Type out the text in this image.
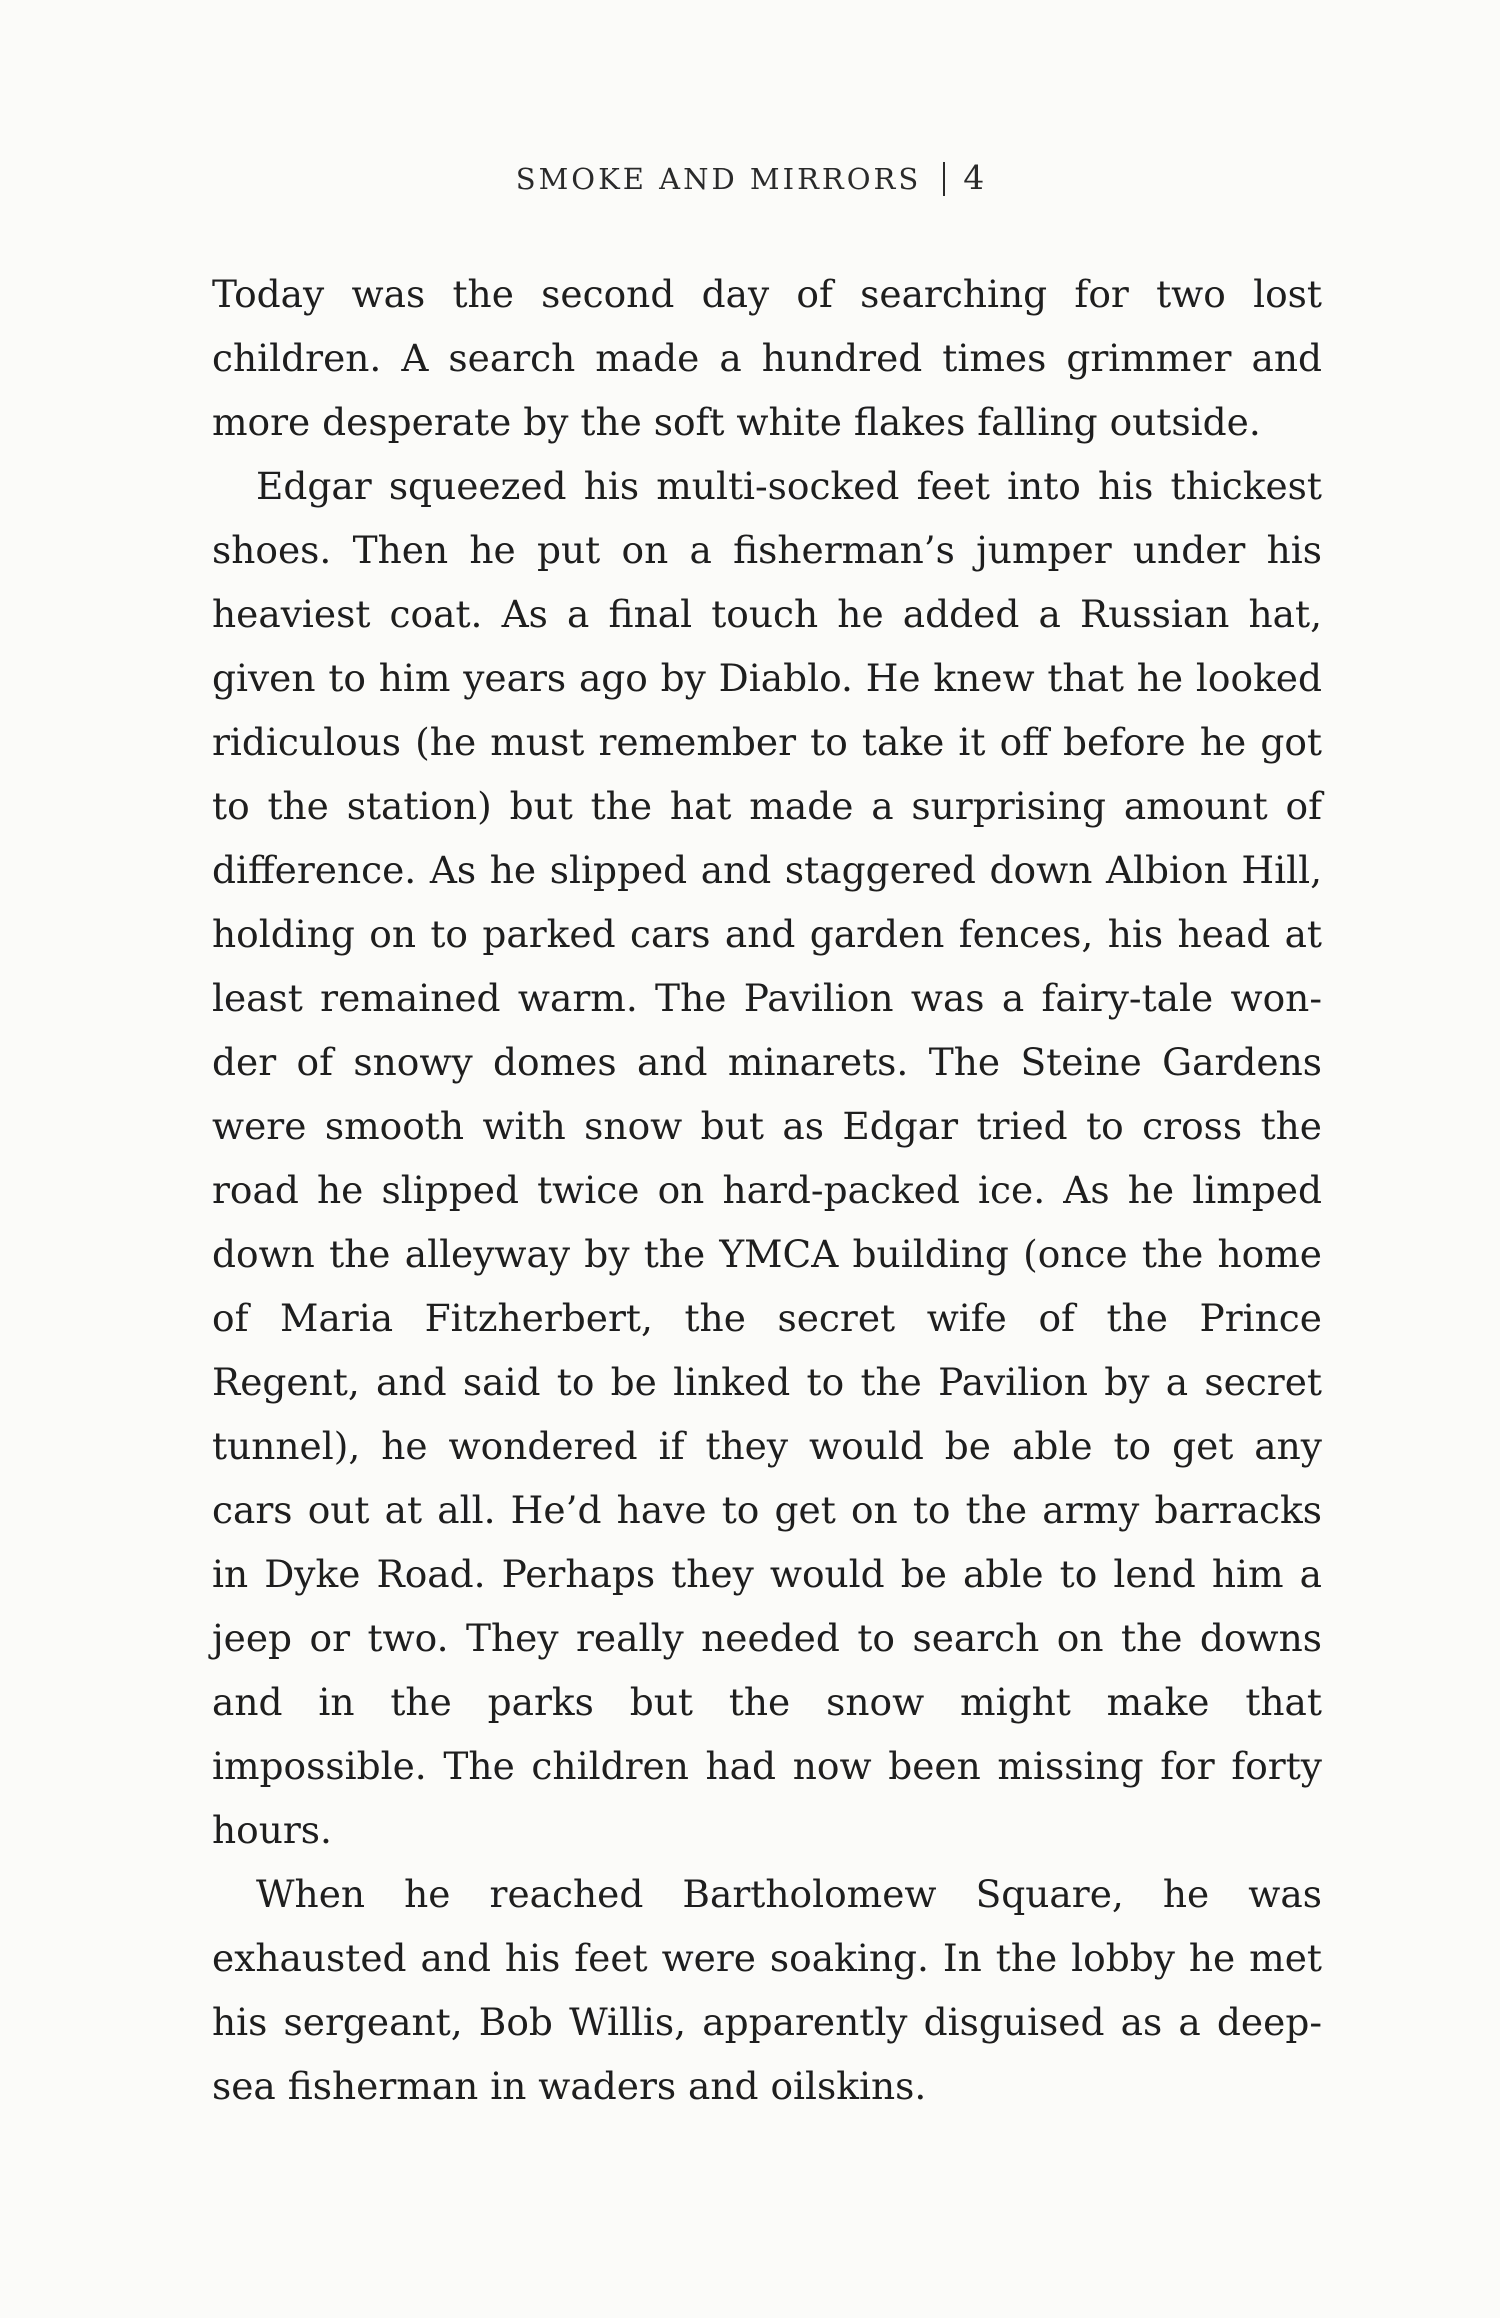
SMOKE AND MIRRORS 4

Today was the second day of searching for two lost children. A search made a hundred times grimmer and more desperate by the soft white flakes falling outside.

Edgar squeezed his multi-socked feet into his thickest shoes. Then he put on a fisherman’s jumper under his heaviest coat. As a final touch he added a Russian hat, given to him years ago by Diablo. He knew that he looked ridiculous (he must remember to take it off before he got to the station) but the hat made a surprising amount of difference. As he slipped and staggered down Albion Hill, holding on to parked cars and garden fences, his head at least remained warm. The Pavilion was a fairy-tale wonder of snowy domes and minarets. The Steine Gardens were smooth with snow but as Edgar tried to cross the road he slipped twice on hard-packed ice. As he limped down the alleyway by the YMCA building (once the home of Maria Fitzherbert, the secret wife of the Prince Regent, and said to be linked to the Pavilion by a secret tunnel), he wondered if they would be able to get any cars out at all. He’d have to get on to the army barracks in Dyke Road. Perhaps they would be able to lend him a jeep or two. They really needed to search on the downs and in the parks but the snow might make that impossible. The children had now been missing for forty hours.

When he reached Bartholomew Square, he was exhausted and his feet were soaking. In the lobby he met his sergeant, Bob Willis, apparently disguised as a deepsea fisherman in waders and oilskins.
